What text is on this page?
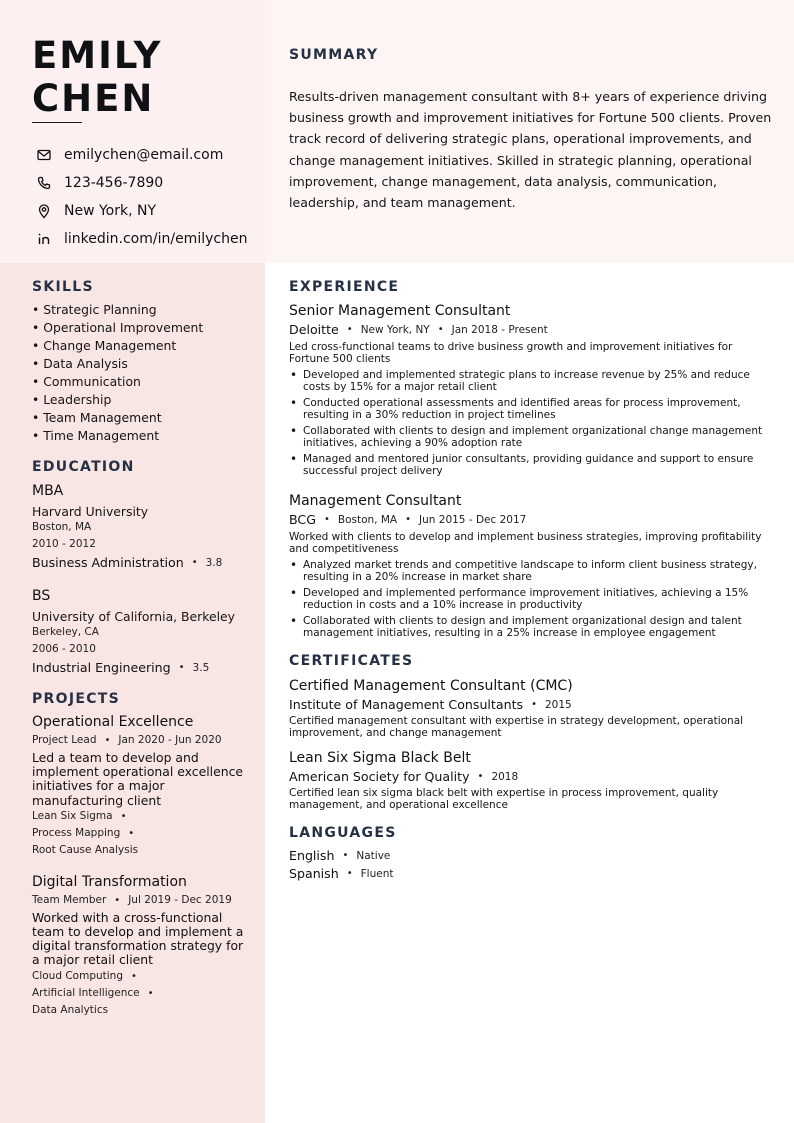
EMILY
CHEN
emilychen@email.com
123-456-7890
New York, NY
linkedin.com/in/emilychen
SUMMARY
Results-driven management consultant with 8+ years of experience driving business growth and improvement initiatives for Fortune 500 clients. Proven track record of delivering strategic plans, operational improvements, and change management initiatives. Skilled in strategic planning, operational improvement, change management, data analysis, communication, leadership, and team management.
SKILLS
• Strategic Planning
• Operational Improvement
• Change Management
• Data Analysis
• Communication
• Leadership
• Team Management
• Time Management
EDUCATION
MBA
Harvard University
Boston, MA
2010 - 2012
Business Administration • 3.8
BS
University of California, Berkeley
Berkeley, CA
2006 - 2010
Industrial Engineering • 3.5
PROJECTS
Operational Excellence
Project Lead • Jan 2020 - Jun 2020
Led a team to develop and implement operational excellence initiatives for a major manufacturing client
Lean Six Sigma •
Process Mapping •
Root Cause Analysis
Digital Transformation
Team Member • Jul 2019 - Dec 2019
Worked with a cross-functional team to develop and implement a digital transformation strategy for a major retail client
Cloud Computing •
Artificial Intelligence •
Data Analytics
EXPERIENCE
Senior Management Consultant
Deloitte • New York, NY • Jan 2018 - Present
Led cross-functional teams to drive business growth and improvement initiatives for Fortune 500 clients
• Developed and implemented strategic plans to increase revenue by 25% and reduce costs by 15% for a major retail client
• Conducted operational assessments and identified areas for process improvement, resulting in a 30% reduction in project timelines
• Collaborated with clients to design and implement organizational change management initiatives, achieving a 90% adoption rate
• Managed and mentored junior consultants, providing guidance and support to ensure successful project delivery
Management Consultant
BCG • Boston, MA • Jun 2015 - Dec 2017
Worked with clients to develop and implement business strategies, improving profitability and competitiveness
• Analyzed market trends and competitive landscape to inform client business strategy, resulting in a 20% increase in market share
• Developed and implemented performance improvement initiatives, achieving a 15% reduction in costs and a 10% increase in productivity
• Collaborated with clients to design and implement organizational design and talent management initiatives, resulting in a 25% increase in employee engagement
CERTIFICATES
Certified Management Consultant (CMC)
Institute of Management Consultants • 2015
Certified management consultant with expertise in strategy development, operational improvement, and change management
Lean Six Sigma Black Belt
American Society for Quality • 2018
Certified lean six sigma black belt with expertise in process improvement, quality management, and operational excellence
LANGUAGES
English • Native
Spanish • Fluent
